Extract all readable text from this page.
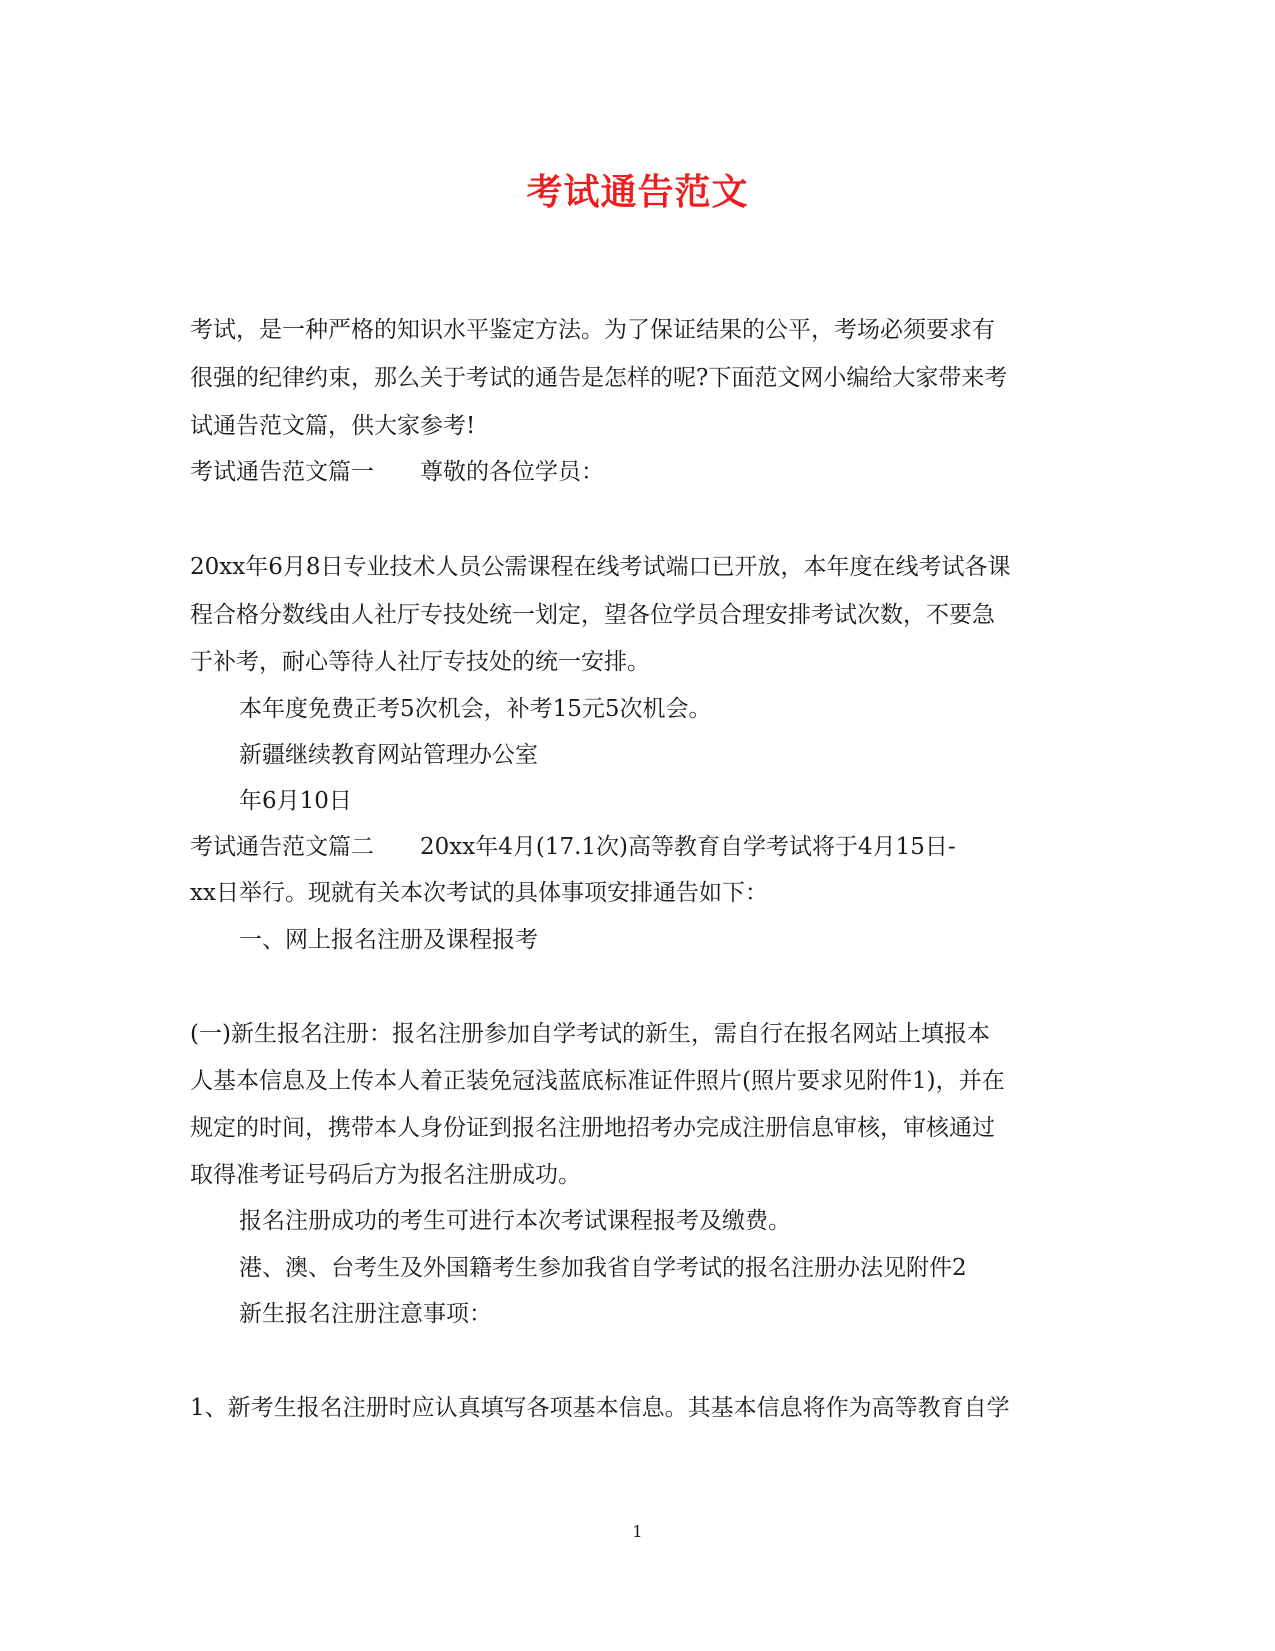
考试通告范文
考试，是一种严格的知识水平鉴定方法。为了保证结果的公平，考场必须要求有
很强的纪律约束，那么关于考试的通告是怎样的呢?下面范文网小编给大家带来考
试通告范文篇，供大家参考!
考试通告范文篇一　　尊敬的各位学员：
20xx年6月8日专业技术人员公需课程在线考试端口已开放，本年度在线考试各课
程合格分数线由人社厅专技处统一划定，望各位学员合理安排考试次数，不要急
于补考，耐心等待人社厅专技处的统一安排。
本年度免费正考5次机会，补考15元5次机会。
新疆继续教育网站管理办公室
年6月10日
考试通告范文篇二　　20xx年4月(17.1次)高等教育自学考试将于4月15日-
xx日举行。现就有关本次考试的具体事项安排通告如下：
一、网上报名注册及课程报考
(一)新生报名注册：报名注册参加自学考试的新生，需自行在报名网站上填报本
人基本信息及上传本人着正装免冠浅蓝底标准证件照片(照片要求见附件1)，并在
规定的时间，携带本人身份证到报名注册地招考办完成注册信息审核，审核通过
取得准考证号码后方为报名注册成功。
报名注册成功的考生可进行本次考试课程报考及缴费。
港、澳、台考生及外国籍考生参加我省自学考试的报名注册办法见附件2
新生报名注册注意事项：
1、新考生报名注册时应认真填写各项基本信息。其基本信息将作为高等教育自学
1
